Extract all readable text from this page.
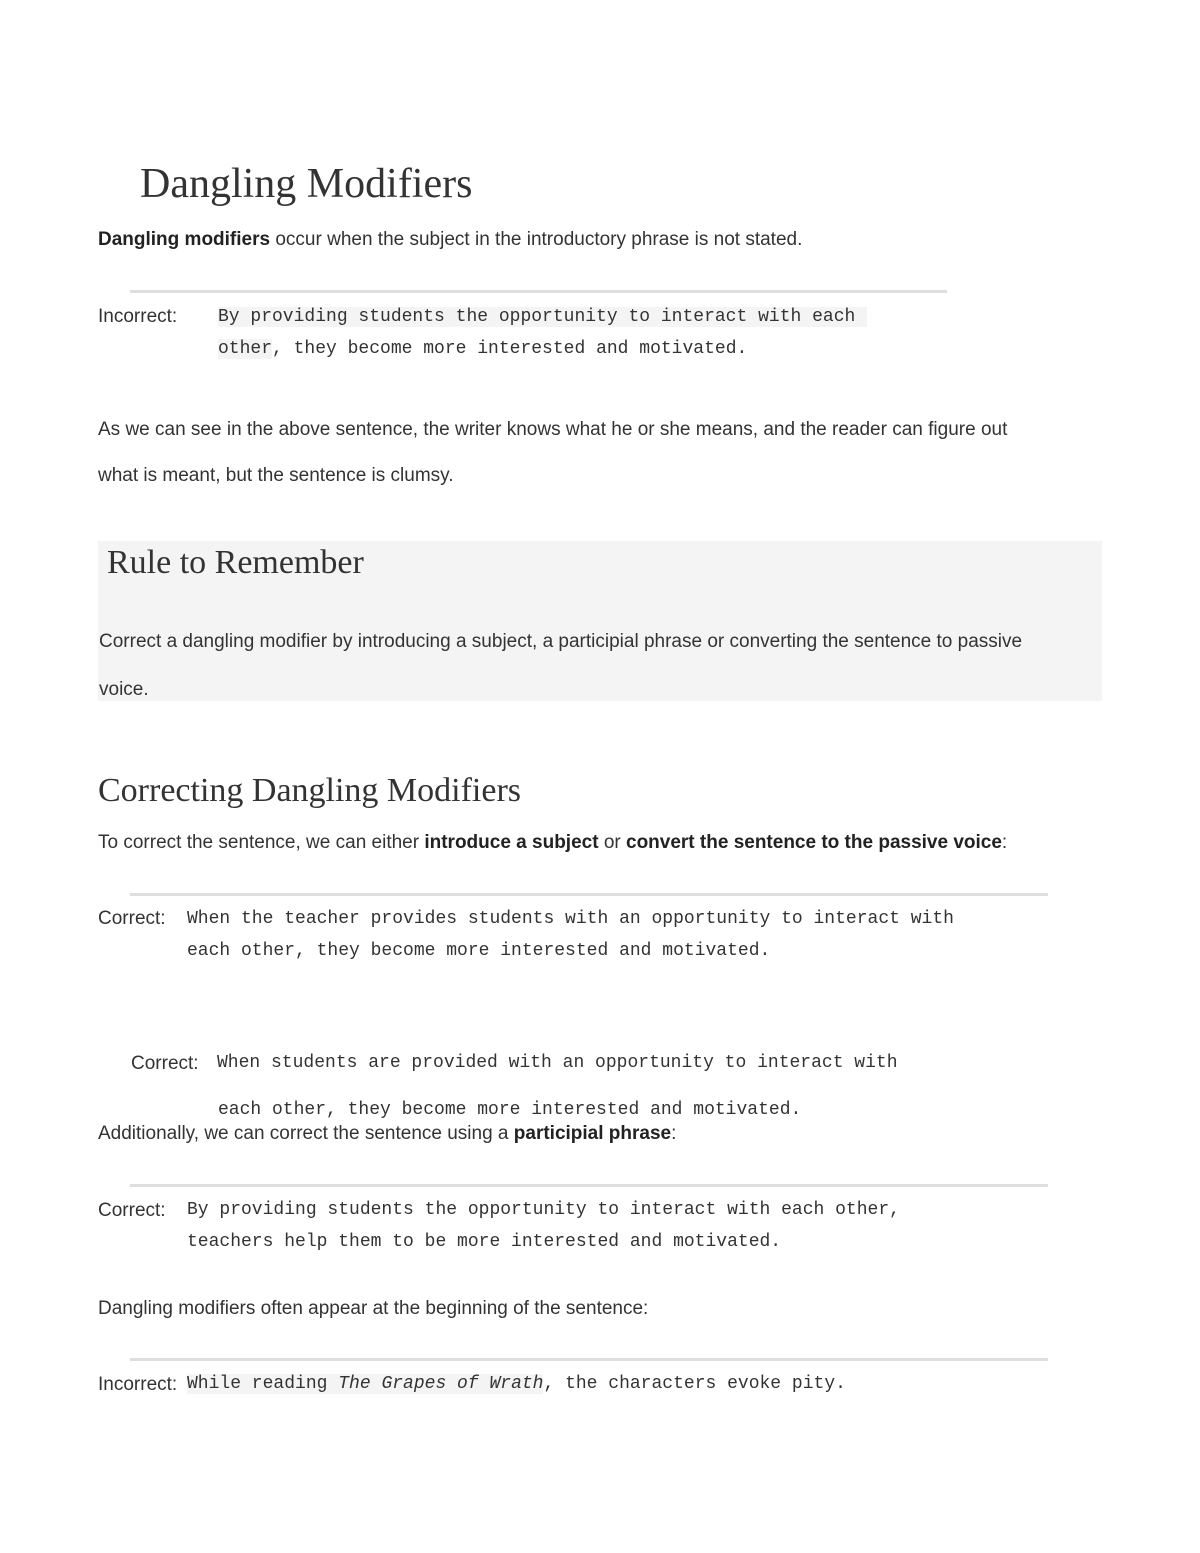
Dangling Modifiers
Dangling modifiers occur when the subject in the introductory phrase is not stated.
Incorrect: By providing students the opportunity to interact with each
other, they become more interested and motivated.
As we can see in the above sentence, the writer knows what he or she means, and the reader can figure out
what is meant, but the sentence is clumsy.
Rule to Remember
Correct a dangling modifier by introducing a subject, a participial phrase or converting the sentence to passive
voice.
Correcting Dangling Modifiers
To correct the sentence, we can either introduce a subject or convert the sentence to the passive voice:
Correct: When the teacher provides students with an opportunity to interact with
each other, they become more interested and motivated.
Correct: When students are provided with an opportunity to interact with
each other, they become more interested and motivated.
Additionally, we can correct the sentence using a participial phrase:
Correct: By providing students the opportunity to interact with each other,
teachers help them to be more interested and motivated.
Dangling modifiers often appear at the beginning of the sentence:
Incorrect: While reading The Grapes of Wrath, the characters evoke pity.
